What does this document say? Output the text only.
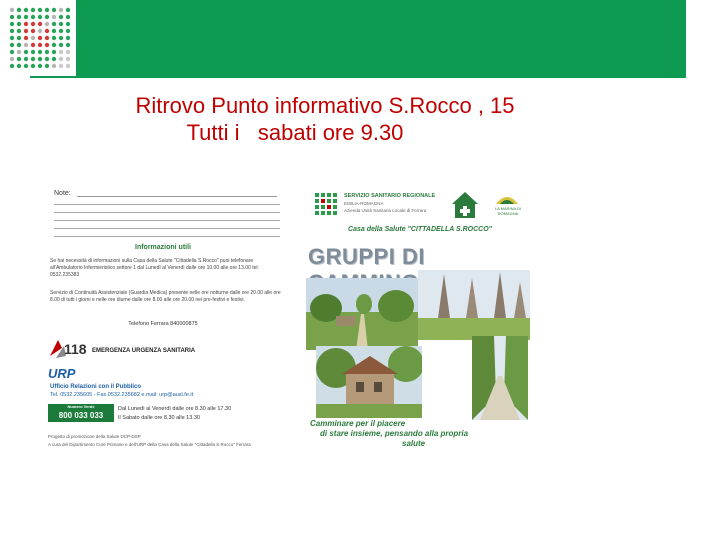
Ritrovo Punto informativo S.Rocco , 15
Tutti i   sabati ore 9.30
Note:
Informazioni utili
Se hai necessità di informazioni sulla Casa della Salute "Cittadella S.Rocco" puoi telefonare all'Ambulatorio Infermieristico settore 1 dal Lunedì al Venerdì dalle ore 10.00 alle ore 13.00 tel: 0532.235383
Servizio di Continuità Assistenziale (Guardia Medica) presente nelle ore notturne dalle ore 20.00 alle ore 8.00 di tutti i giorni e nelle ore diurne dalle ore 8.00 alle ore 20.00 nei pre-festivi e festivi.
Telefono Ferrara 840000875
118 EMERGENZA URGENZA SANITARIA
URP
Ufficio Relazioni con il Pubblico
Tel. 0532.235605 - Fax 0532.235682 e.mail: urp@ausl.fe.it
Numero Verde
800 033 033
Dal Lunedì al Venerdì dalle ore 8.30 alle 17.30
Il Sabato dalle ore 8.30 alle 13.30
Progetto di promozione della Salute DCP-DSP
A cura del Dipartimento Cure Primarie e dell'URP della Casa della Salute "Cittadella S.Rocco" Ferrara
SERVIZIO SANITARIO REGIONALE
EMILIA-ROMAGNA
Azienda Unità Sanitaria Locale di Ferrara	LA MARINA DI ROMAGNA
Casa della Salute "CITTADELLA S.ROCCO"
GRUPPI DI
Camminare per il piacere
di stare insieme, pensando alla propria
salute
